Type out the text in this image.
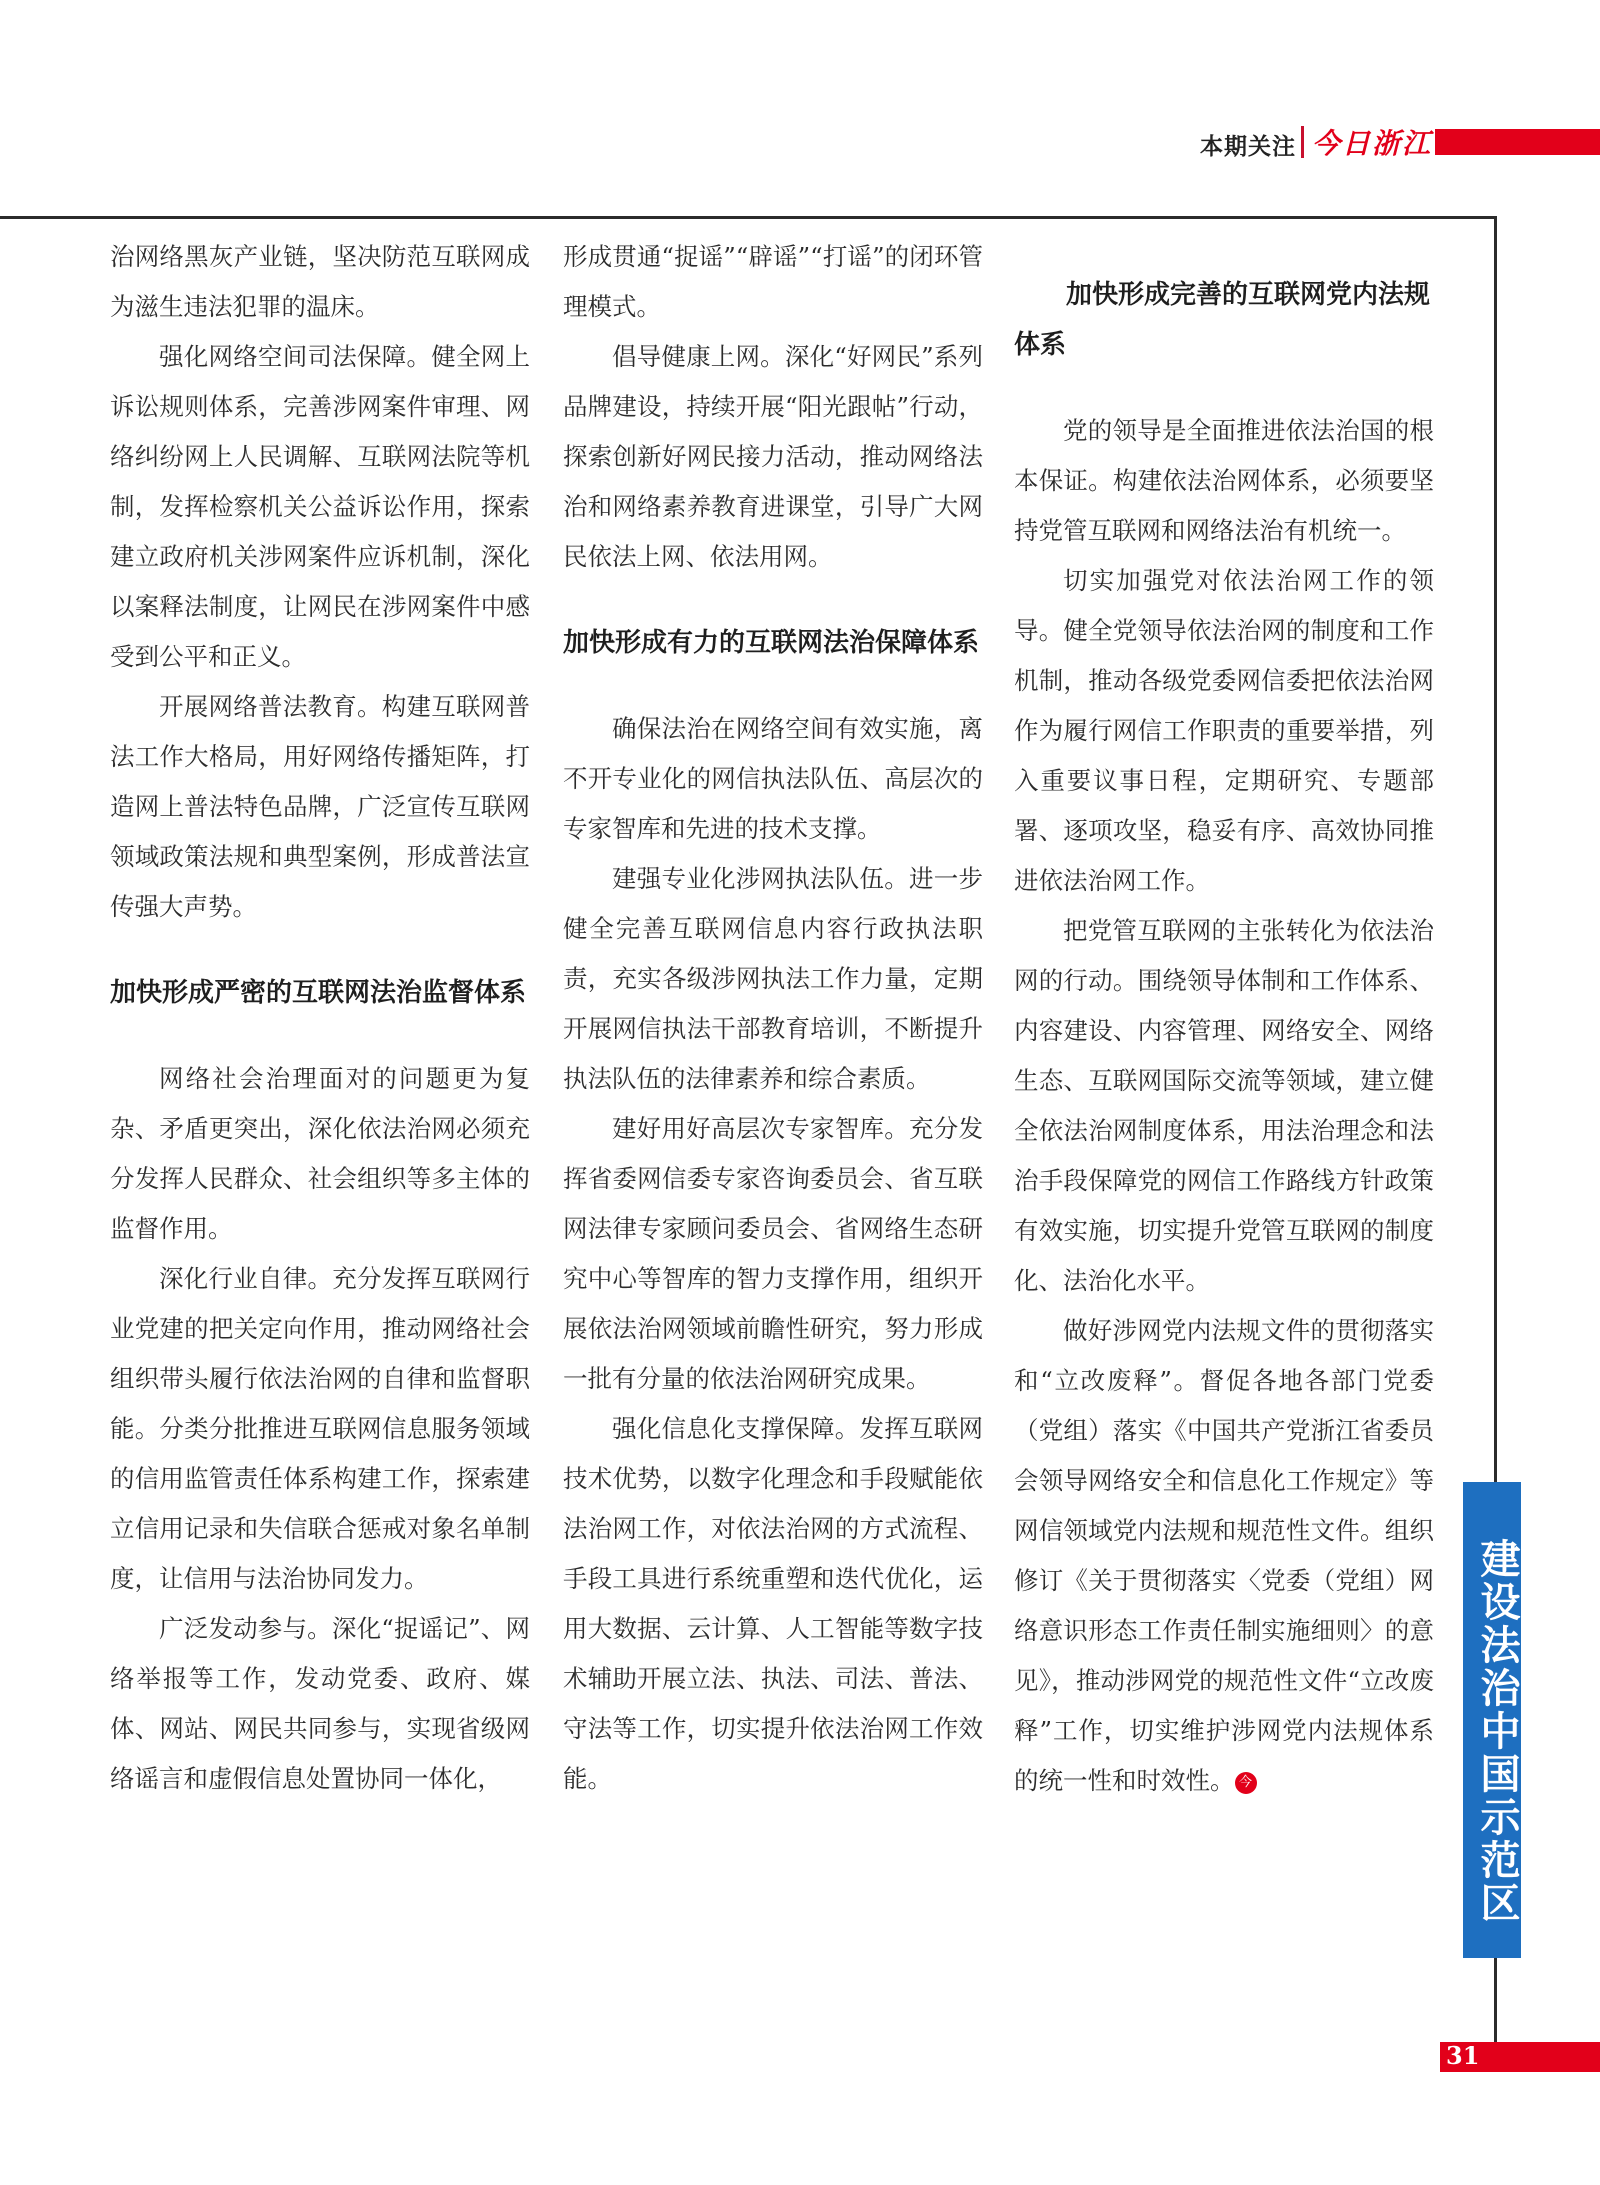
本期关注 今日浙江

治网络黑灰产业链，坚决防范互联网成为滋生违法犯罪的温床。

强化网络空间司法保障。健全网上诉讼规则体系，完善涉网案件审理、网络纠纷网上人民调解、互联网法院等机制，发挥检察机关公益诉讼作用，探索建立政府机关涉网案件应诉机制，深化以案释法制度，让网民在涉网案件中感受到公平和正义。

开展网络普法教育。构建互联网普法工作大格局，用好网络传播矩阵，打造网上普法特色品牌，广泛宣传互联网领域政策法规和典型案例，形成普法宣传强大声势。

加快形成严密的互联网法治监督体系

网络社会治理面对的问题更为复杂、矛盾更突出，深化依法治网必须充分发挥人民群众、社会组织等多主体的监督作用。

深化行业自律。充分发挥互联网行业党建的把关定向作用，推动网络社会组织带头履行依法治网的自律和监督职能。分类分批推进互联网信息服务领域的信用监管责任体系构建工作，探索建立信用记录和失信联合惩戒对象名单制度，让信用与法治协同发力。

广泛发动参与。深化“捉谣记”、网络举报等工作，发动党委、政府、媒体、网站、网民共同参与，实现省级网络谣言和虚假信息处置协同一体化，

形成贯通“捉谣”“辟谣”“打谣”的闭环管理模式。

倡导健康上网。深化“好网民”系列品牌建设，持续开展“阳光跟帖”行动，探索创新好网民接力活动，推动网络法治和网络素养教育进课堂，引导广大网民依法上网、依法用网。

加快形成有力的互联网法治保障体系

确保法治在网络空间有效实施，离不开专业化的网信执法队伍、高层次的专家智库和先进的技术支撑。

建强专业化涉网执法队伍。进一步健全完善互联网信息内容行政执法职责，充实各级涉网执法工作力量，定期开展网信执法干部教育培训，不断提升执法队伍的法律素养和综合素质。

建好用好高层次专家智库。充分发挥省委网信委专家咨询委员会、省互联网法律专家顾问委员会、省网络生态研究中心等智库的智力支撑作用，组织开展依法治网领域前瞻性研究，努力形成一批有分量的依法治网研究成果。

强化信息化支撑保障。发挥互联网技术优势，以数字化理念和手段赋能依法治网工作，对依法治网的方式流程、手段工具进行系统重塑和迭代优化，运用大数据、云计算、人工智能等数字技术辅助开展立法、执法、司法、普法、守法等工作，切实提升依法治网工作效能。

加快形成完善的互联网党内法规体系

党的领导是全面推进依法治国的根本保证。构建依法治网体系，必须要坚持党管互联网和网络法治有机统一。

切实加强党对依法治网工作的领导。健全党领导依法治网的制度和工作机制，推动各级党委网信委把依法治网作为履行网信工作职责的重要举措，列入重要议事日程，定期研究、专题部署、逐项攻坚，稳妥有序、高效协同推进依法治网工作。

把党管互联网的主张转化为依法治网的行动。围绕领导体制和工作体系、内容建设、内容管理、网络安全、网络生态、互联网国际交流等领域，建立健全依法治网制度体系，用法治理念和法治手段保障党的网信工作路线方针政策有效实施，切实提升党管互联网的制度化、法治化水平。

做好涉网党内法规文件的贯彻落实和“立改废释”。督促各地各部门党委（党组）落实《中国共产党浙江省委员会领导网络安全和信息化工作规定》等网信领域党内法规和规范性文件。组织修订《关于贯彻落实〈党委（党组）网络意识形态工作责任制实施细则〉的意见》，推动涉网党的规范性文件“立改废释”工作，切实维护涉网党内法规体系的统一性和时效性。 今	建设法治中国示范区
31
